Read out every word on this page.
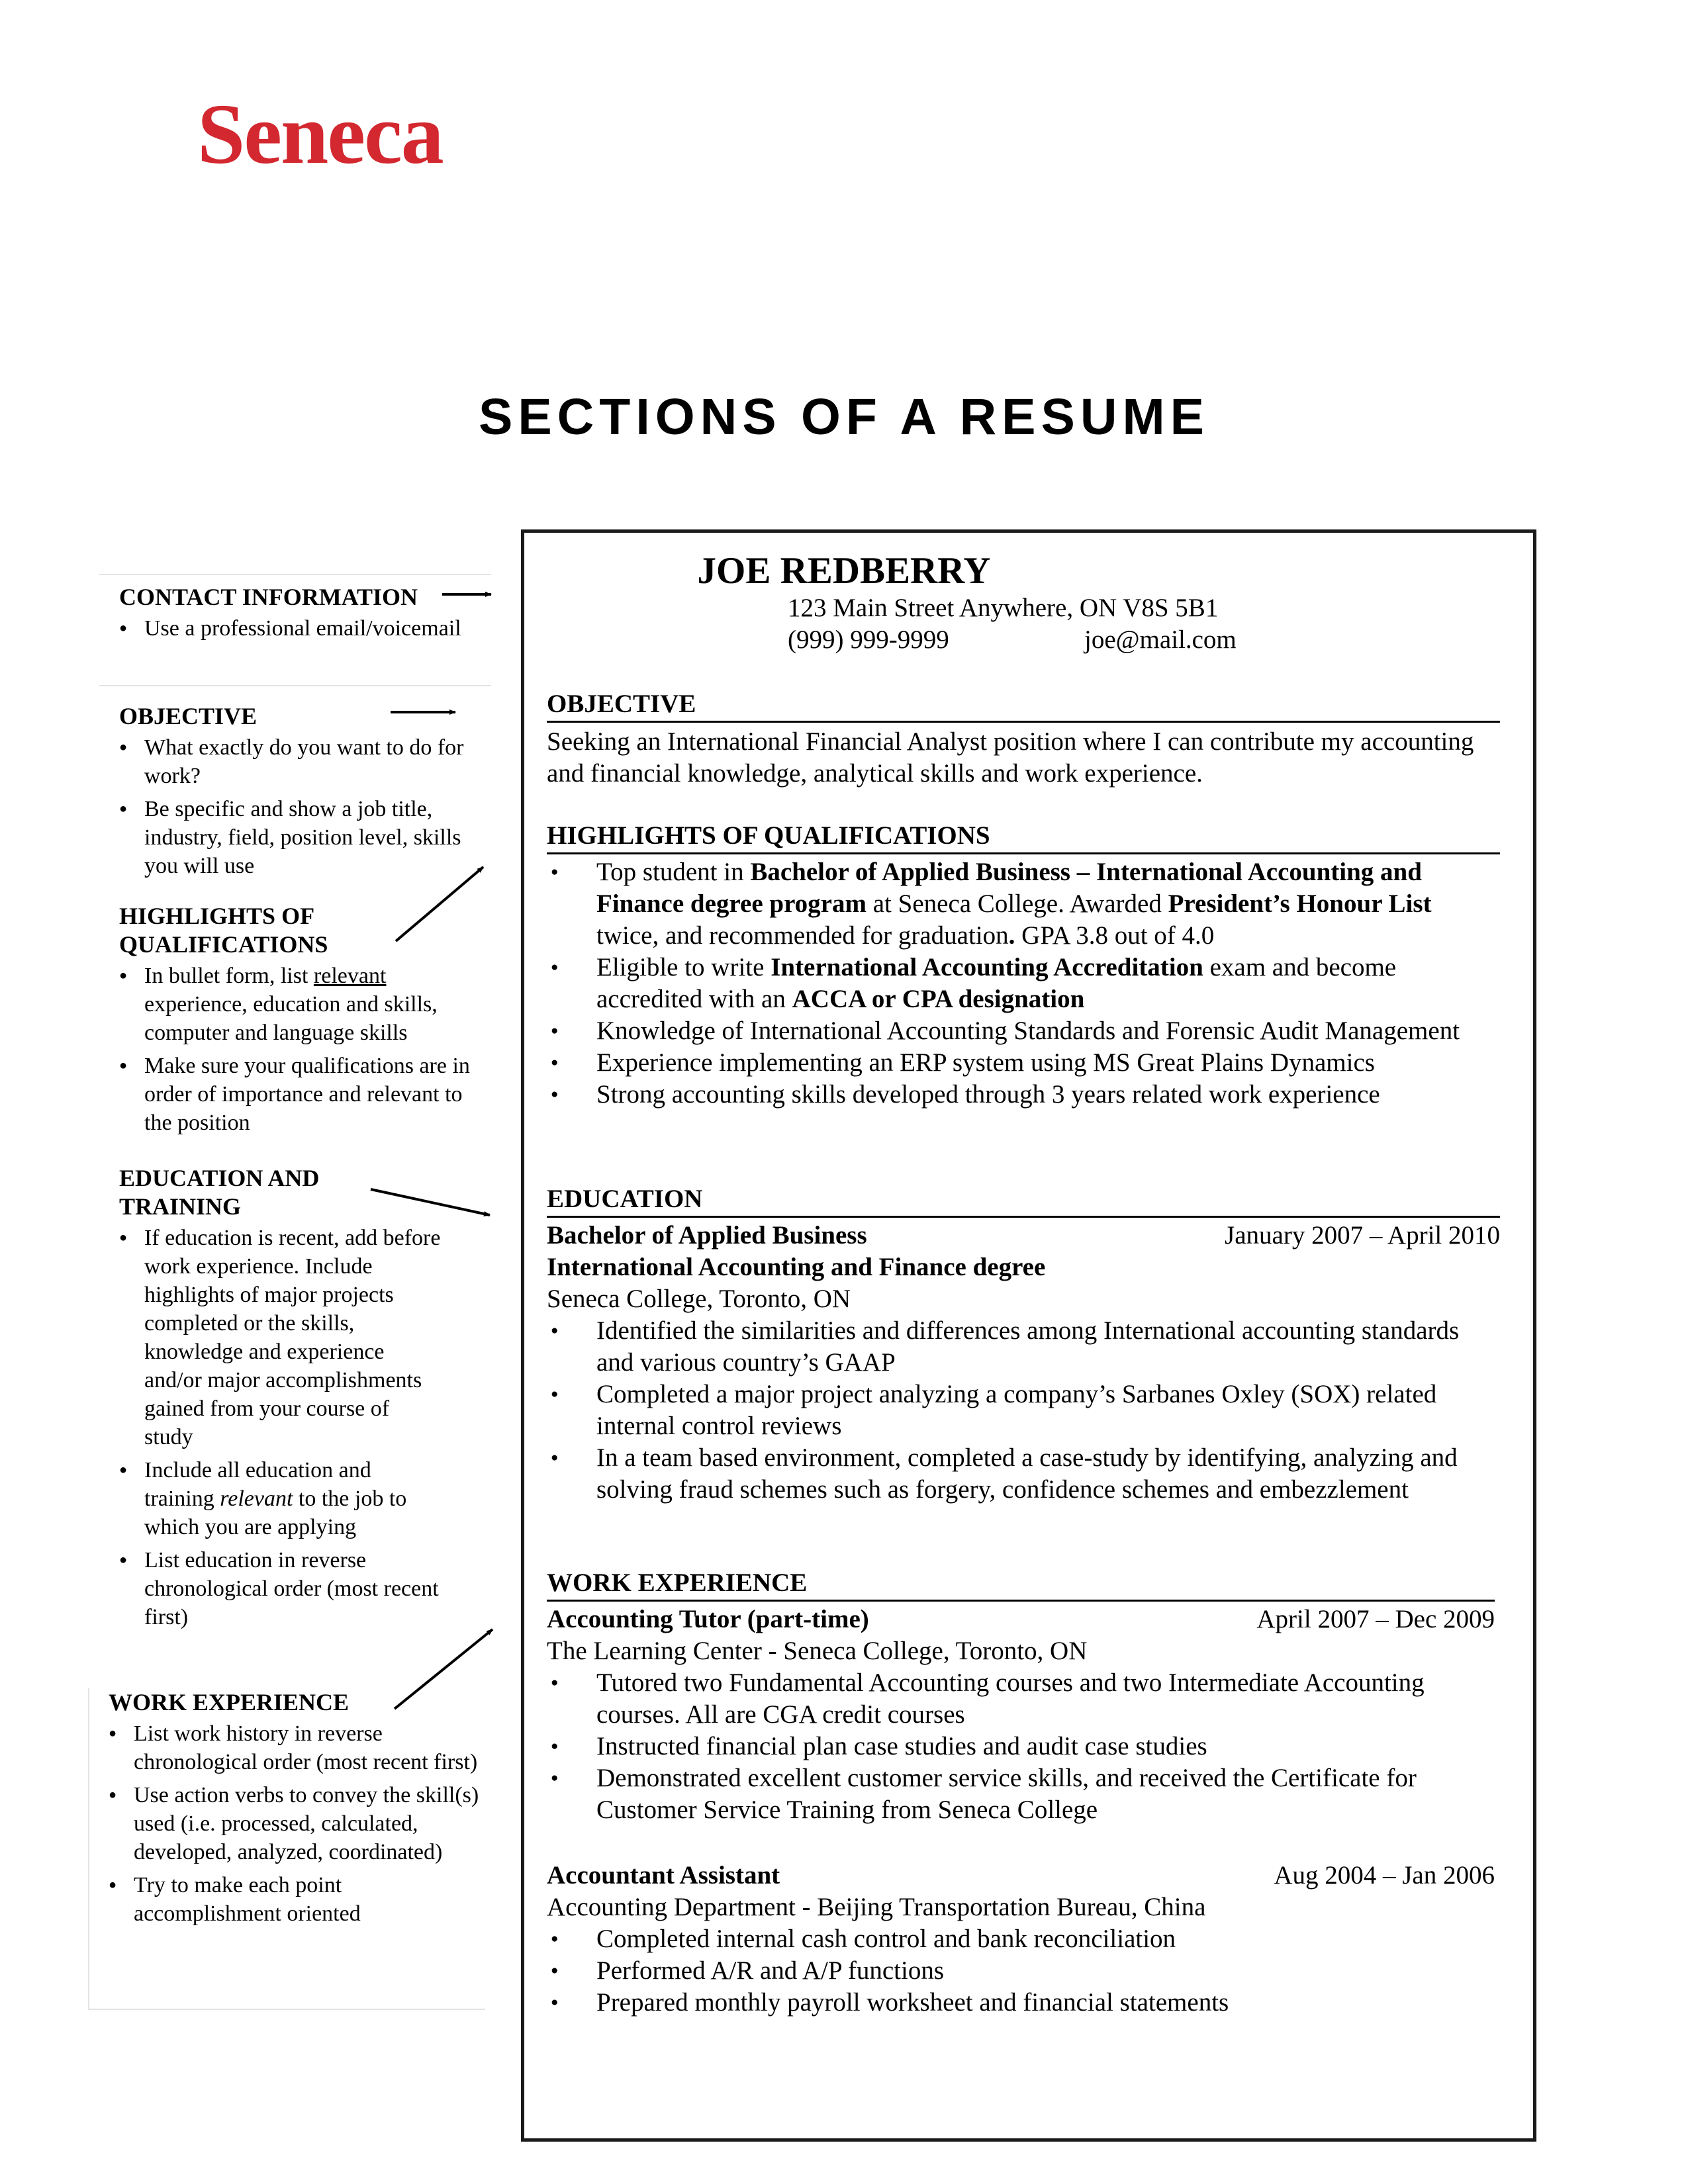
Seneca
SECTIONS OF A RESUME
CONTACT INFORMATION
● Use a professional email/voicemail
OBJECTIVE
● What exactly do you want to do for work?
● Be specific and show a job title, industry, field, position level, skills you will use
HIGHLIGHTS OF
QUALIFICATIONS
● In bullet form, list relevant experience, education and skills, computer and language skills
● Make sure your qualifications are in order of importance and relevant to the position
EDUCATION AND
TRAINING
● If education is recent, add before work experience. Include highlights of major projects completed or the skills, knowledge and experience and/or major accomplishments gained from your course of study
● Include all education and training relevant to the job to which you are applying
● List education in reverse chronological order (most recent first)
WORK EXPERIENCE
● List work history in reverse chronological order (most recent first)
● Use action verbs to convey the skill(s) used (i.e. processed, calculated, developed, analyzed, coordinated)
● Try to make each point accomplishment oriented
JOE REDBERRY
123 Main Street Anywhere, ON V8S 5B1
(999) 999-9999	joe@mail.com
OBJECTIVE
Seeking an International Financial Analyst position where I can contribute my accounting and financial knowledge, analytical skills and work experience.
HIGHLIGHTS OF QUALIFICATIONS
● Top student in Bachelor of Applied Business – International Accounting and Finance degree program at Seneca College. Awarded President’s Honour List twice, and recommended for graduation. GPA 3.8 out of 4.0
● Eligible to write International Accounting Accreditation exam and become accredited with an ACCA or CPA designation
● Knowledge of International Accounting Standards and Forensic Audit Management
● Experience implementing an ERP system using MS Great Plains Dynamics
● Strong accounting skills developed through 3 years related work experience
EDUCATION
Bachelor of Applied Business	January 2007 – April 2010
International Accounting and Finance degree
Seneca College, Toronto, ON
● Identified the similarities and differences among International accounting standards and various country’s GAAP
● Completed a major project analyzing a company’s Sarbanes Oxley (SOX) related internal control reviews
● In a team based environment, completed a case-study by identifying, analyzing and solving fraud schemes such as forgery, confidence schemes and embezzlement
WORK EXPERIENCE
Accounting Tutor (part-time)	April 2007 – Dec 2009
The Learning Center - Seneca College, Toronto, ON
● Tutored two Fundamental Accounting courses and two Intermediate Accounting courses. All are CGA credit courses
● Instructed financial plan case studies and audit case studies
● Demonstrated excellent customer service skills, and received the Certificate for Customer Service Training from Seneca College
Accountant Assistant	Aug 2004 – Jan 2006
Accounting Department - Beijing Transportation Bureau, China
● Completed internal cash control and bank reconciliation
● Performed A/R and A/P functions
● Prepared monthly payroll worksheet and financial statements
